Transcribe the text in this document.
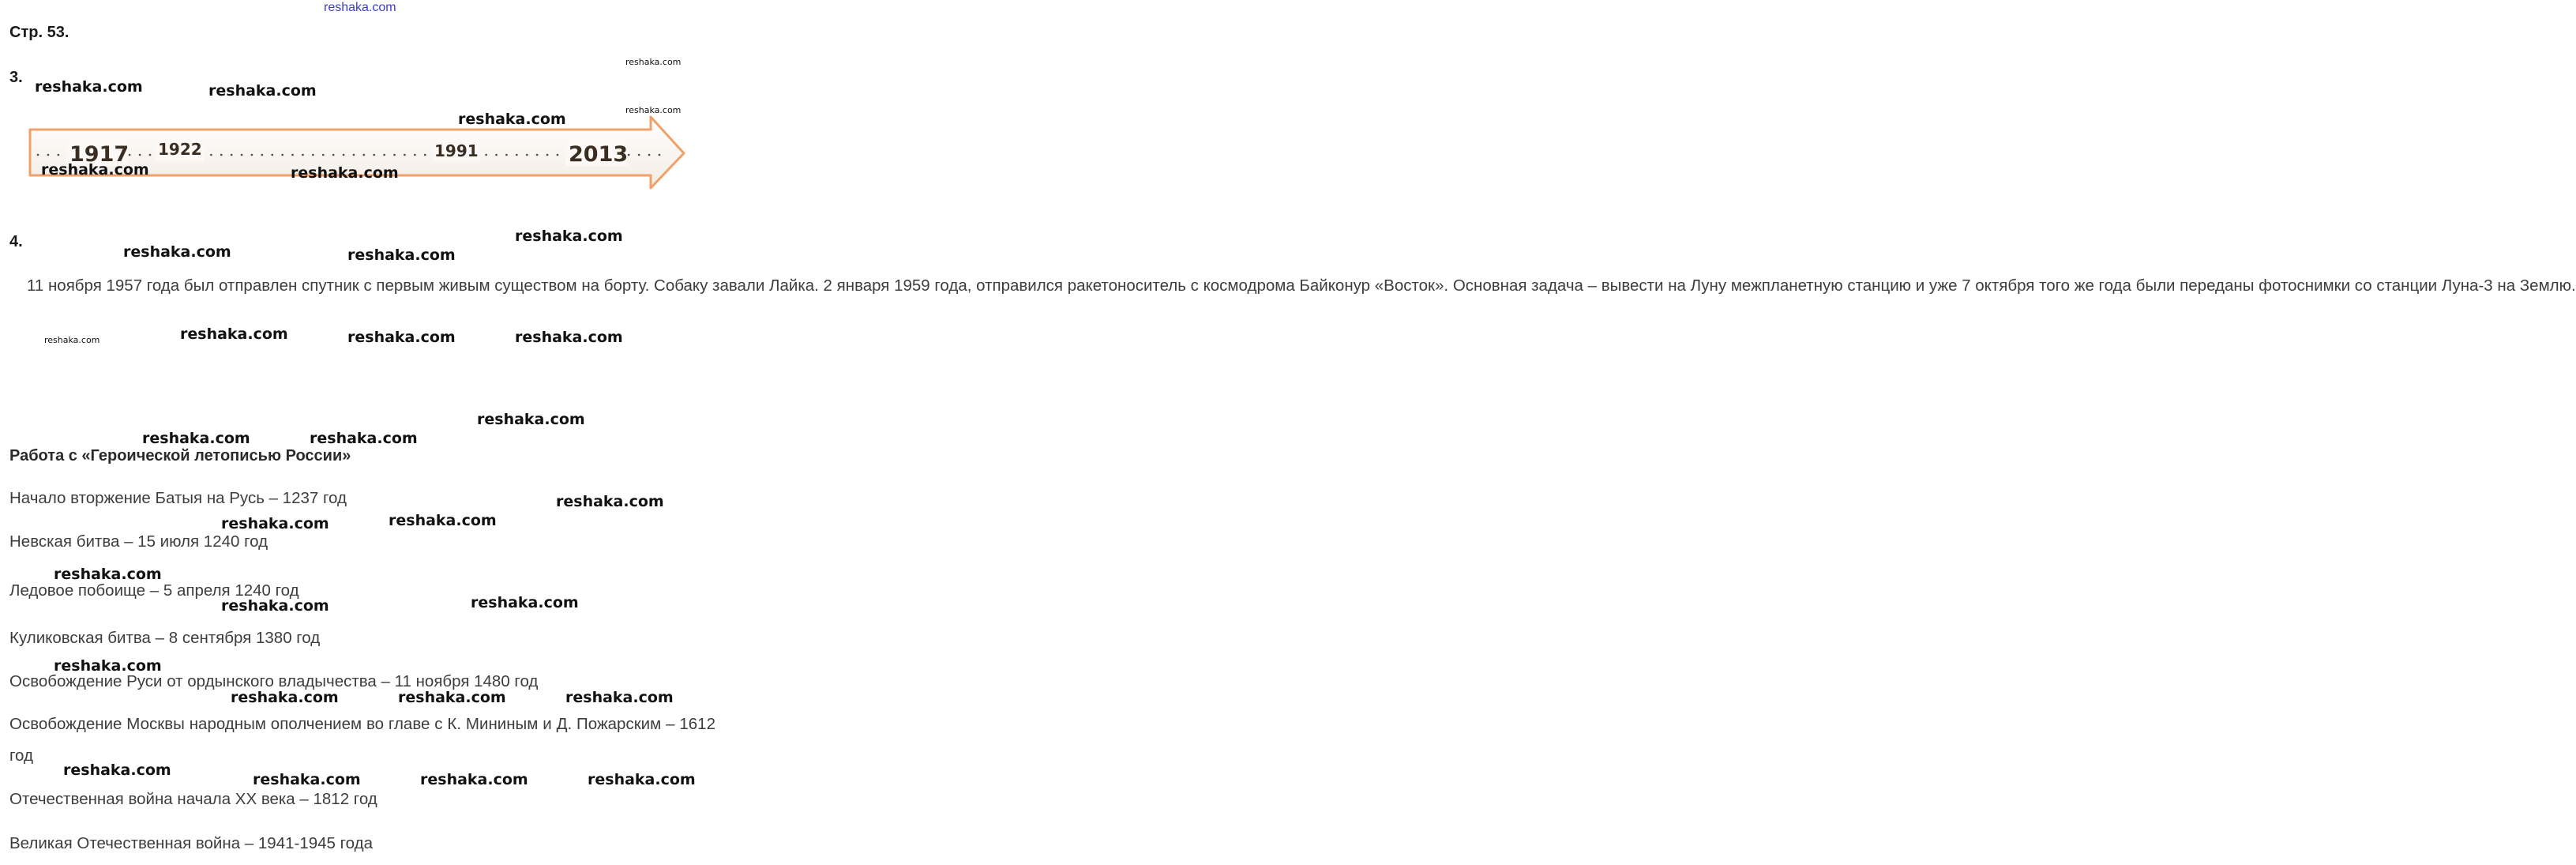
reshaka.com
Стр. 53.
3.
1917 1922	1991	2013
4.

11 ноября 1957 года был отправлен спутник с первым живым существом на борту. Собаку завали Лайка. 2 января 1959 года, отправился ракетоноситель с космодрома Байконур «Восток». Основная задача – вывести на Луну межпланетную станцию и уже 7 октября того же года были переданы фотоснимки со станции Луна-3 на Землю.

Работа с «Героической летописью России»
Начало вторжение Батыя на Русь – 1237 год
Невская битва – 15 июля 1240 год
Ледовое побоище – 5 апреля 1240 год
Куликовская битва – 8 сентября 1380 год
Освобождение Руси от ордынского владычества – 11 ноября 1480 год
Освобождение Москвы народным ополчением во главе с К. Мининым и Д. Пожарским – 1612 год
Отечественная война начала XX века – 1812 год
Великая Отечественная война – 1941-1945 года
reshaka.com
reshaka.com	reshaka.com
reshaka.com
reshaka.com
reshaka.com	reshaka.com
reshaka.com
reshaka.com	reshaka.com
reshaka.com	reshaka.com	reshaka.com
reshaka.com
reshaka.com
reshaka.com	reshaka.com
reshaka.com
reshaka.com
reshaka.com
reshaka.com
reshaka.com
reshaka.com
reshaka.com
reshaka.com	reshaka.com	reshaka.com
reshaka.com
reshaka.com	reshaka.com	reshaka.com
